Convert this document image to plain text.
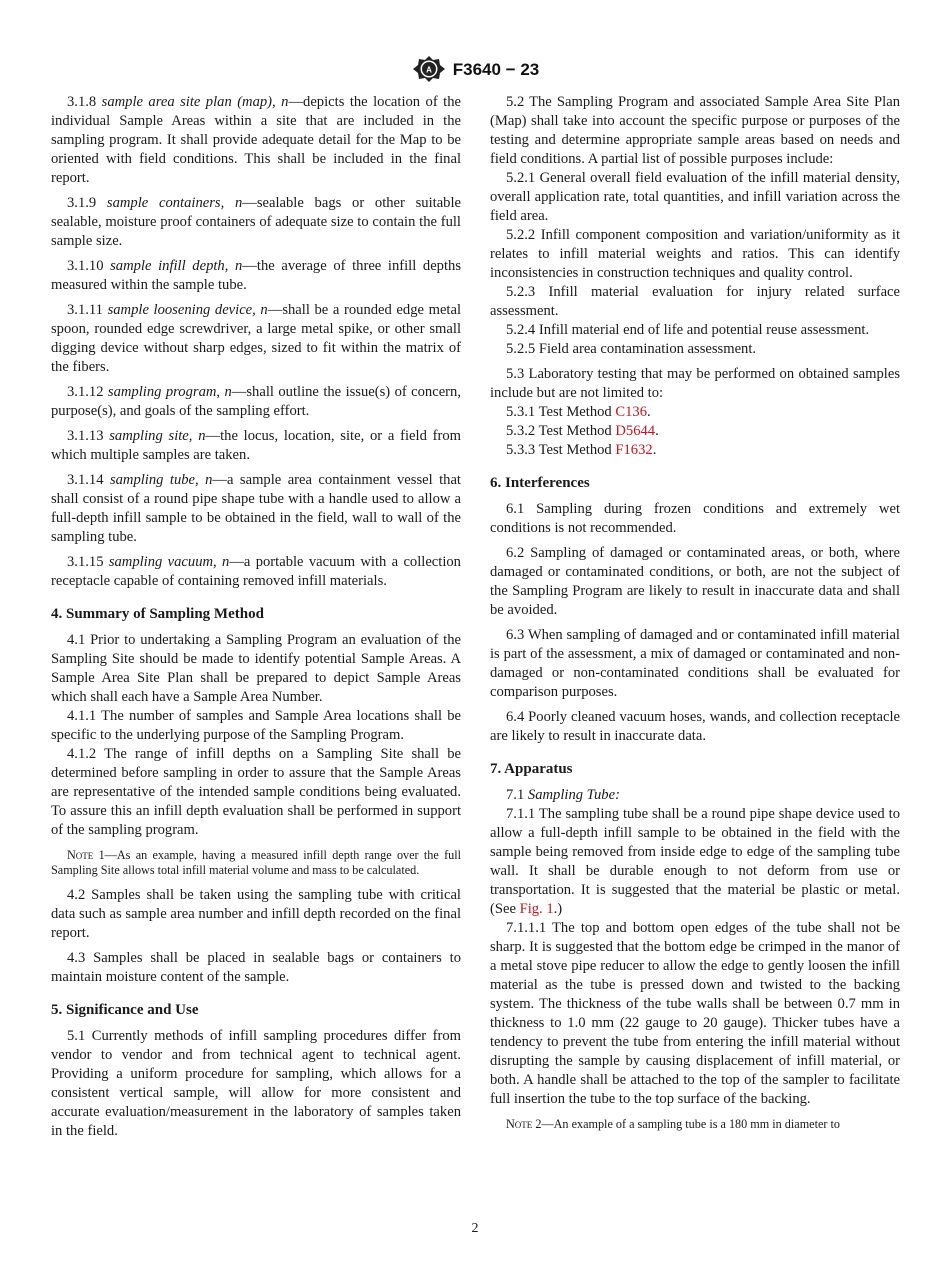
A F3640 − 23

3.1.8 sample area site plan (map), n—depicts the location of the individual Sample Areas within a site that are included in the sampling program. It shall provide adequate detail for the Map to be oriented with field conditions. This shall be included in the final report.

3.1.9 sample containers, n—sealable bags or other suitable sealable, moisture proof containers of adequate size to contain the full sample size.

3.1.10 sample infill depth, n—the average of three infill depths measured within the sample tube.

3.1.11 sample loosening device, n—shall be a rounded edge metal spoon, rounded edge screwdriver, a large metal spike, or other small digging device without sharp edges, sized to fit within the matrix of the fibers.

3.1.12 sampling program, n—shall outline the issue(s) of concern, purpose(s), and goals of the sampling effort.

3.1.13 sampling site, n—the locus, location, site, or a field from which multiple samples are taken.

3.1.14 sampling tube, n—a sample area containment vessel that shall consist of a round pipe shape tube with a handle used to allow a full-depth infill sample to be obtained in the field, wall to wall of the sampling tube.

3.1.15 sampling vacuum, n—a portable vacuum with a collection receptacle capable of containing removed infill materials.

4. Summary of Sampling Method

4.1 Prior to undertaking a Sampling Program an evaluation of the Sampling Site should be made to identify potential Sample Areas. A Sample Area Site Plan shall be prepared to depict Sample Areas which shall each have a Sample Area Number.

4.1.1 The number of samples and Sample Area locations shall be specific to the underlying purpose of the Sampling Program.

4.1.2 The range of infill depths on a Sampling Site shall be determined before sampling in order to assure that the Sample Areas are representative of the intended sample conditions being evaluated. To assure this an infill depth evaluation shall be performed in support of the sampling program.

Note 1—As an example, having a measured infill depth range over the full Sampling Site allows total infill material volume and mass to be calculated.

4.2 Samples shall be taken using the sampling tube with critical data such as sample area number and infill depth recorded on the final report.

4.3 Samples shall be placed in sealable bags or containers to maintain moisture content of the sample.

5. Significance and Use

5.1 Currently methods of infill sampling procedures differ from vendor to vendor and from technical agent to technical agent. Providing a uniform procedure for sampling, which allows for a consistent vertical sample, will allow for more consistent and accurate evaluation/measurement in the laboratory of samples taken in the field.

5.2 The Sampling Program and associated Sample Area Site Plan (Map) shall take into account the specific purpose or purposes of the testing and determine appropriate sample areas based on needs and field conditions. A partial list of possible purposes include:

5.2.1 General overall field evaluation of the infill material density, overall application rate, total quantities, and infill variation across the field area.

5.2.2 Infill component composition and variation/uniformity as it relates to infill material weights and ratios. This can identify inconsistencies in construction techniques and quality control.

5.2.3 Infill material evaluation for injury related surface assessment.

5.2.4 Infill material end of life and potential reuse assessment.

5.2.5 Field area contamination assessment.

5.3 Laboratory testing that may be performed on obtained samples include but are not limited to:

5.3.1 Test Method C136.

5.3.2 Test Method D5644.

5.3.3 Test Method F1632.

6. Interferences

6.1 Sampling during frozen conditions and extremely wet conditions is not recommended.

6.2 Sampling of damaged or contaminated areas, or both, where damaged or contaminated conditions, or both, are not the subject of the Sampling Program are likely to result in inaccurate data and shall be avoided.

6.3 When sampling of damaged and or contaminated infill material is part of the assessment, a mix of damaged or contaminated and non-damaged or non-contaminated conditions shall be evaluated for comparison purposes.

6.4 Poorly cleaned vacuum hoses, wands, and collection receptacle are likely to result in inaccurate data.

7. Apparatus

7.1 Sampling Tube:

7.1.1 The sampling tube shall be a round pipe shape device used to allow a full-depth infill sample to be obtained in the field with the sample being removed from inside edge to edge of the sampling tube wall. It shall be durable enough to not deform from use or transportation. It is suggested that the material be plastic or metal. (See Fig. 1.)

7.1.1.1 The top and bottom open edges of the tube shall not be sharp. It is suggested that the bottom edge be crimped in the manor of a metal stove pipe reducer to allow the edge to gently loosen the infill material as the tube is pressed down and twisted to the backing system. The thickness of the tube walls shall be between 0.7 mm in thickness to 1.0 mm (22 gauge to 20 gauge). Thicker tubes have a tendency to prevent the tube from entering the infill material without disrupting the sample by causing displacement of infill material, or both. A handle shall be attached to the top of the sampler to facilitate full insertion the tube to the top surface of the backing.

Note 2—An example of a sampling tube is a 180 mm in diameter to

2
